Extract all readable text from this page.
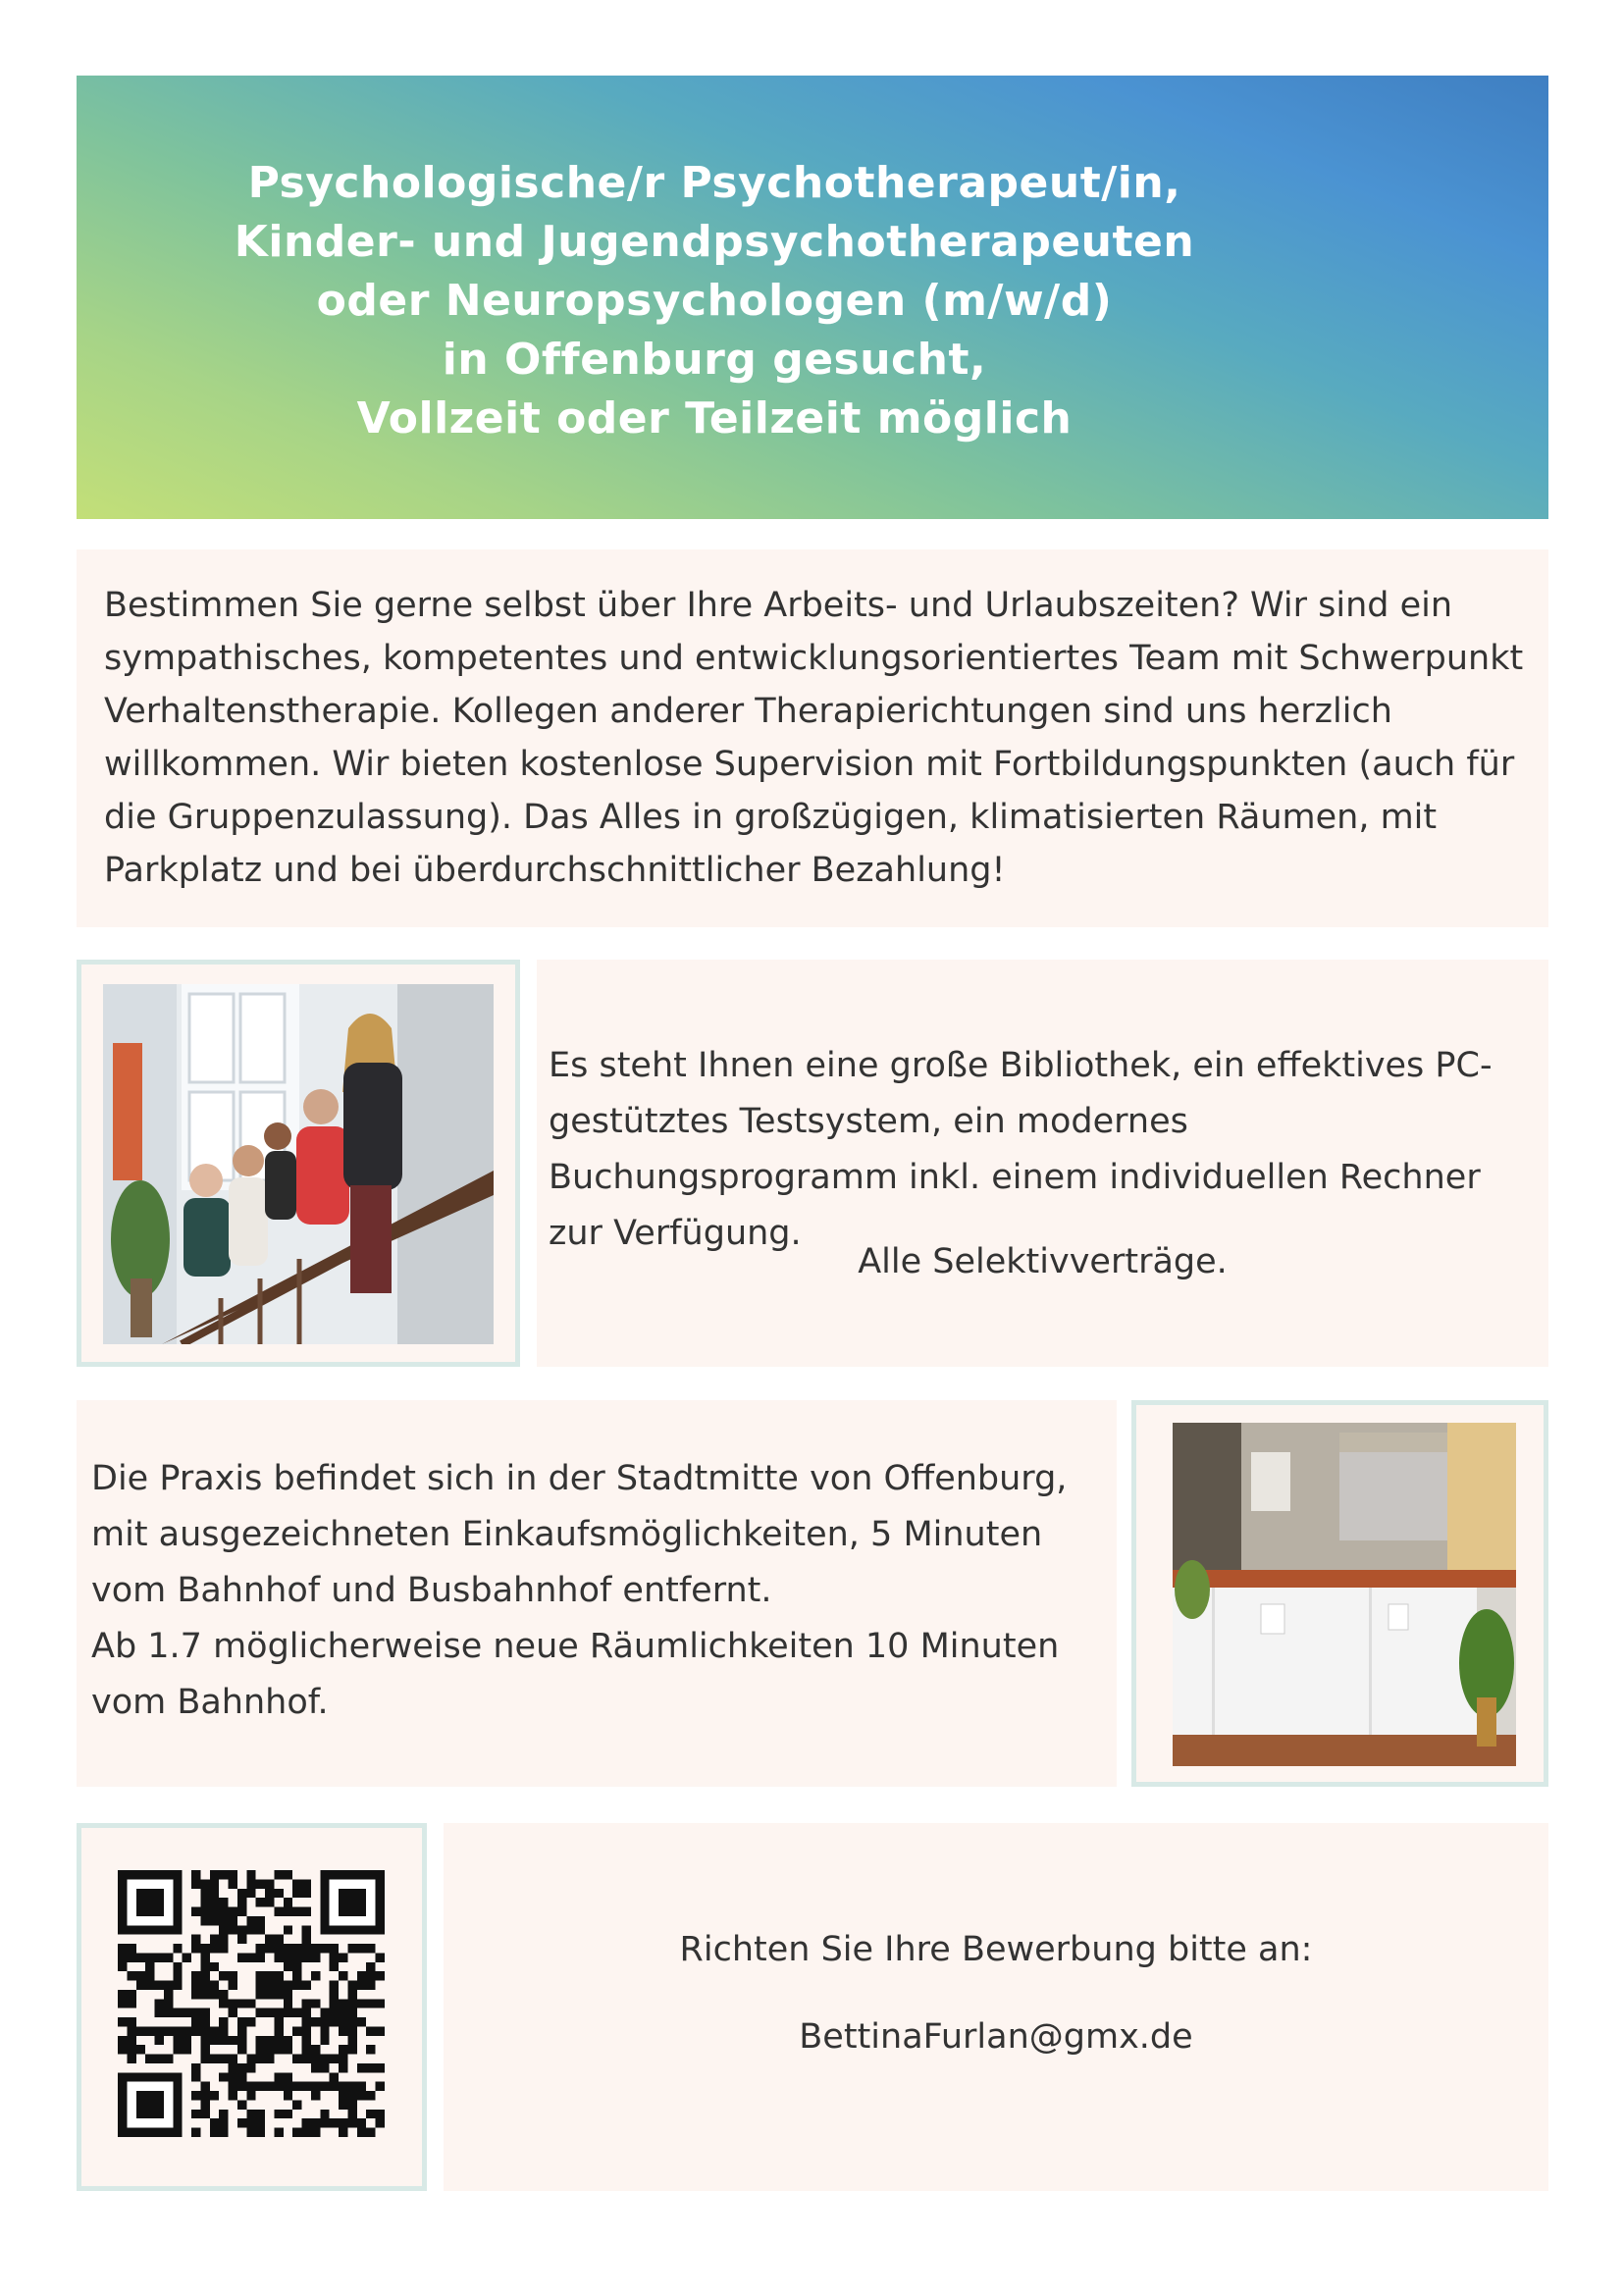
Psychologische/r Psychotherapeut/in,
Kinder- und Jugendpsychotherapeuten
oder Neuropsychologen (m/w/d)
in Offenburg gesucht,
Vollzeit oder Teilzeit möglich
Bestimmen Sie gerne selbst über Ihre Arbeits- und Urlaubszeiten? Wir sind ein sympathisches, kompetentes und entwicklungsorientiertes Team mit Schwerpunkt Verhaltenstherapie. Kollegen anderer Therapierichtungen sind uns herzlich willkommen. Wir bieten kostenlose Supervision mit Fortbildungspunkten (auch für die Gruppenzulassung). Das Alles in großzügigen, klimatisierten Räumen, mit Parkplatz und bei überdurchschnittlicher Bezahlung!
Es steht Ihnen eine große Bibliothek, ein effektives PC-gestütztes Testsystem, ein modernes Buchungsprogramm inkl. einem individuellen Rechner zur Verfügung.
Alle Selektivverträge.
Die Praxis befindet sich in der Stadtmitte von Offenburg, mit ausgezeichneten Einkaufsmöglichkeiten, 5 Minuten vom Bahnhof und Busbahnhof entfernt.
Ab 1.7 möglicherweise neue Räumlichkeiten 10 Minuten vom Bahnhof.
Richten Sie Ihre Bewerbung bitte an:
BettinaFurlan@gmx.de
